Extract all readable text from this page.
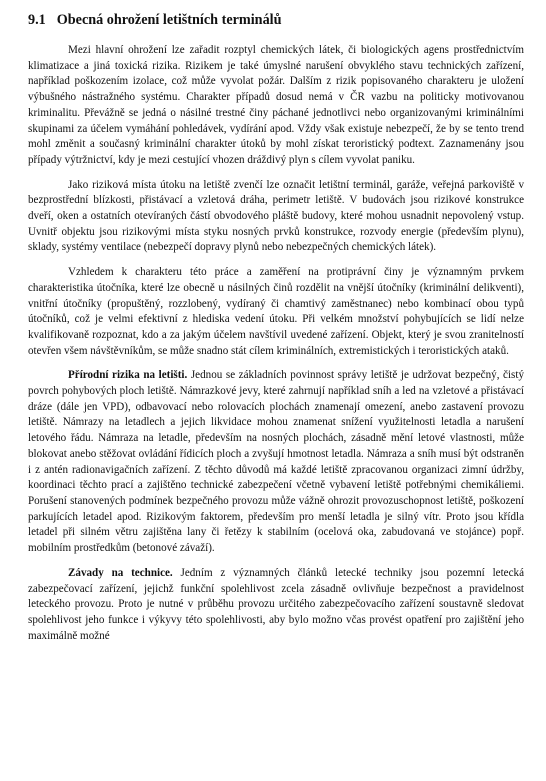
9.1 Obecná ohrožení letištních terminálů

Mezi hlavní ohrožení lze zařadit rozptyl chemických látek, či biologických agens prostřednictvím klimatizace a jiná toxická rizika. Rizikem je také úmyslné narušení obvyklého stavu technických zařízení, například poškozením izolace, což může vyvolat požár. Dalším z rizik popisovaného charakteru je uložení výbušného nástražného systému. Charakter případů dosud nemá v ČR vazbu na politicky motivovanou kriminalitu. Převážně se jedná o násilné trestné činy páchané jednotlivci nebo organizovanými kriminálními skupinami za účelem vymáhání pohledávek, vydírání apod. Vždy však existuje nebezpečí, že by se tento trend mohl změnit a současný kriminální charakter útoků by mohl získat teroristický podtext. Zaznamenány jsou případy výtržnictví, kdy je mezi cestující vhozen dráždivý plyn s cílem vyvolat paniku.

Jako riziková místa útoku na letiště zvenčí lze označit letištní terminál, garáže, veřejná parkoviště v bezprostřední blízkosti, přistávací a vzletová dráha, perimetr letiště. V budovách jsou rizikové konstrukce dveří, oken a ostatních otevíraných částí obvodového pláště budovy, které mohou usnadnit nepovolený vstup. Uvnitř objektu jsou rizikovými místa styku nosných prvků konstrukce, rozvody energie (především plynu), sklady, systémy ventilace (nebezpečí dopravy plynů nebo nebezpečných chemických látek).

Vzhledem k charakteru této práce a zaměření na protiprávní činy je významným prvkem charakteristika útočníka, které lze obecně u násilných činů rozdělit na vnější útočníky (kriminální delikventi), vnitřní útočníky (propuštěný, rozzlobený, vydíraný či chamtivý zaměstnanec) nebo kombinací obou typů útočníků, což je velmi efektivní z hlediska vedení útoku. Při velkém množství pohybujících se lidí nelze kvalifikovaně rozpoznat, kdo a za jakým účelem navštívil uvedené zařízení. Objekt, který je svou zranitelností otevřen všem návštěvníkům, se může snadno stát cílem kriminálních, extremistických i teroristických ataků.

Přírodní rizika na letišti. Jednou se základních povinnost správy letiště je udržovat bezpečný, čistý povrch pohybových ploch letiště. Námrazkové jevy, které zahrnují například sníh a led na vzletové a přistávací dráze (dále jen VPD), odbavovací nebo rolovacích plochách znamenají omezení, anebo zastavení provozu letiště. Námrazy na letadlech a jejich likvidace mohou znamenat snížení využitelnosti letadla a narušení letového řádu. Námraza na letadle, především na nosných plochách, zásadně mění letové vlastnosti, může blokovat anebo stěžovat ovládání řídicích ploch a zvyšují hmotnost letadla. Námraza a sníh musí být odstraněn i z antén radionavigačních zařízení. Z těchto důvodů má každé letiště zpracovanou organizaci zimní údržby, koordinaci těchto prací a zajištěno technické zabezpečení včetně vybavení letiště potřebnými chemikáliemi. Porušení stanovených podmínek bezpečného provozu může vážně ohrozit provozuschopnost letiště, poškození parkujících letadel apod. Rizikovým faktorem, především pro menší letadla je silný vítr. Proto jsou křídla letadel při silném větru zajištěna lany či řetězy k stabilním (ocelová oka, zabudovaná ve stojánce) popř. mobilním prostředkům (betonové závaží).

Závady na technice. Jedním z významných článků letecké techniky jsou pozemní letecká zabezpečovací zařízení, jejichž funkční spolehlivost zcela zásadně ovlivňuje bezpečnost a pravidelnost leteckého provozu. Proto je nutné v průběhu provozu určitého zabezpečovacího zařízení soustavně sledovat spolehlivost jeho funkce i výkyvy této spolehlivosti, aby bylo možno včas provést opatření pro zajištění jeho maximálně možné
